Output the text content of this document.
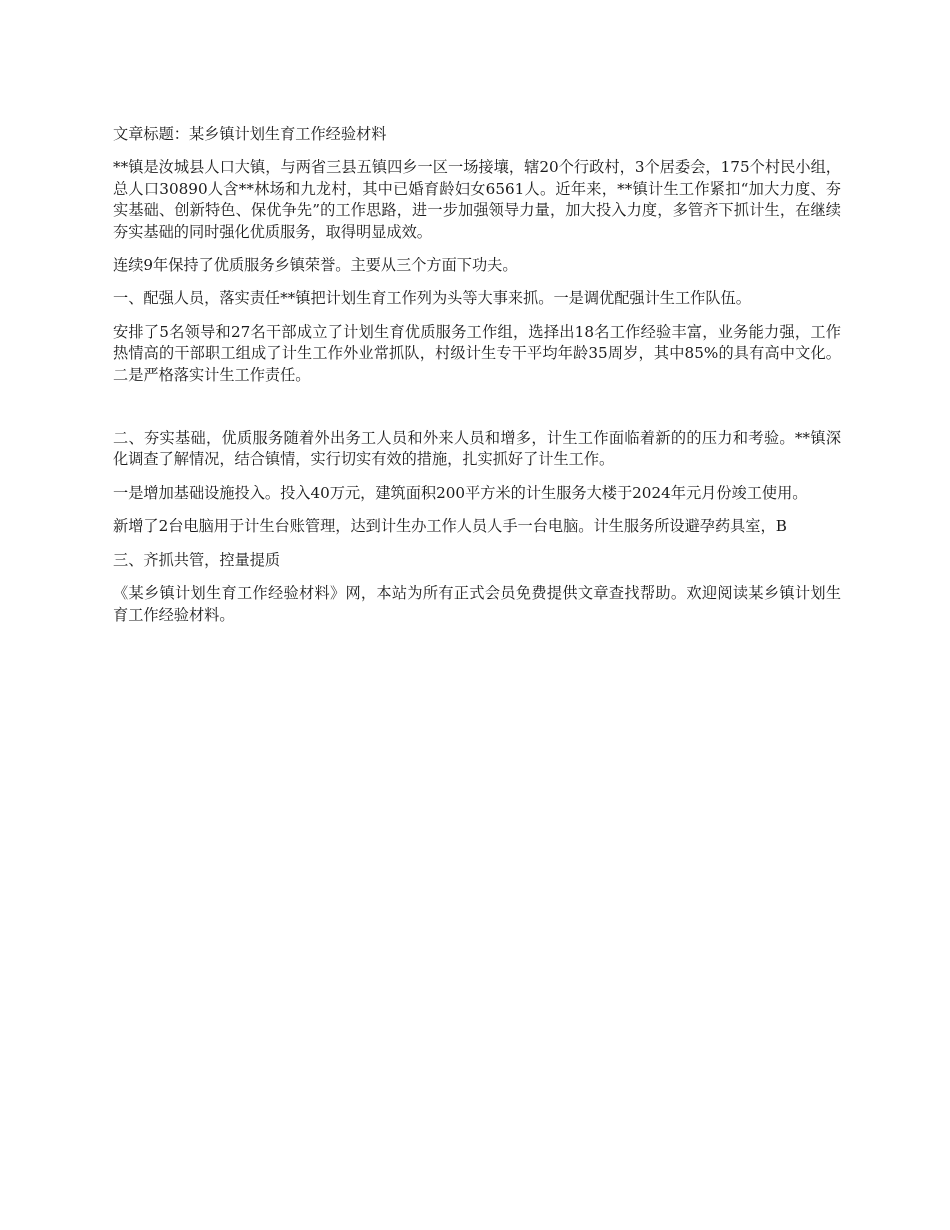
文章标题：某乡镇计划生育工作经验材料

**镇是汝城县人口大镇，与两省三县五镇四乡一区一场接壤，辖20个行政村，3个居委会，175个村民小组，总人口30890人含**林场和九龙村，其中已婚育龄妇女6561人。近年来，**镇计生工作紧扣“加大力度、夯实基础、创新特色、保优争先”的工作思路，进一步加强领导力量，加大投入力度，多管齐下抓计生，在继续夯实基础的同时强化优质服务，取得明显成效。

连续9年保持了优质服务乡镇荣誉。主要从三个方面下功夫。

一、配强人员，落实责任**镇把计划生育工作列为头等大事来抓。一是调优配强计生工作队伍。

安排了5名领导和27名干部成立了计划生育优质服务工作组，选择出18名工作经验丰富，业务能力强，工作热情高的干部职工组成了计生工作外业常抓队，村级计生专干平均年龄35周岁，其中85%的具有高中文化。二是严格落实计生工作责任。

二、夯实基础，优质服务随着外出务工人员和外来人员和增多，计生工作面临着新的的压力和考验。**镇深化调查了解情况，结合镇情，实行切实有效的措施，扎实抓好了计生工作。

一是增加基础设施投入。投入40万元，建筑面积200平方米的计生服务大楼于2024年元月份竣工使用。

新增了2台电脑用于计生台账管理，达到计生办工作人员人手一台电脑。计生服务所设避孕药具室，B

三、齐抓共管，控量提质

《某乡镇计划生育工作经验材料》网，本站为所有正式会员免费提供文章查找帮助。欢迎阅读某乡镇计划生育工作经验材料。
